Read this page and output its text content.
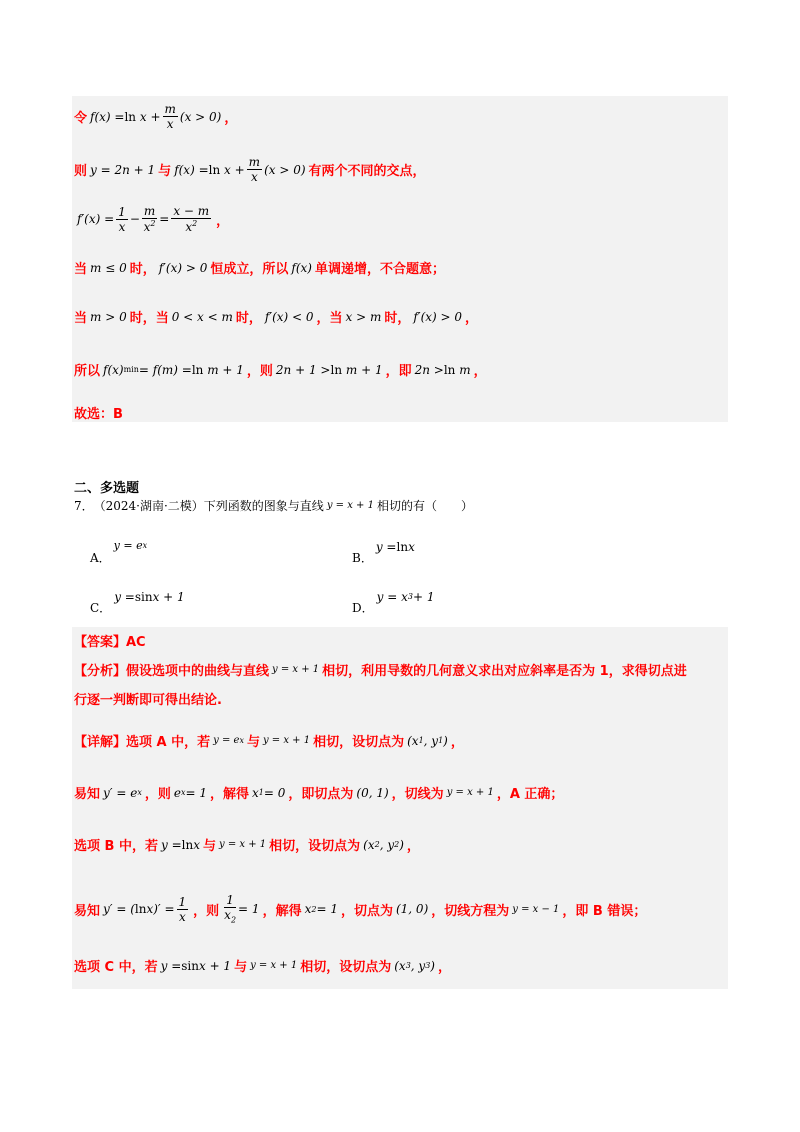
令 $f(x) = \ln x + \frac{m}{x} (x > 0)$ ，
则 y = 2n + 1 与 $f(x) = \ln x + \frac{m}{x} (x > 0)$ 有两个不同的交点，
$f'(x) = \frac{1}{x} - \frac{m}{x^2} = \frac{x - m}{x^2}$ ，
当 m ≤ 0 时， f′(x) > 0 恒成立，所以 f(x) 单调递增，不合题意；
当 m > 0 时，当 0 < x < m 时， f′(x) < 0 ，当 x > m 时， f′(x) > 0 ，
所以 f(x) min = f(m) = ln m + 1 ，则 2n + 1 > ln m + 1 ，即 2n > ln m ，
故选：B
二、多选题
7． （2024·湖南·二模）下列函数的图象与直线 y = x + 1 相切的有（　　）
A．
y = e x
B．
y = ln x
C．
y = sin x + 1
D．
y = x 3 + 1
【答案】AC
【分析】假设选项中的曲线与直线 y = x + 1 相切，利用导数的几何意义求出对应斜率是否为 1，求得切点进
行逐一判断即可得出结论.
【详解】选项 A 中，若 y = e x 与 y = x + 1 相切，设切点为 (x 1 , y 1 ) ，
易知 y′ = e x ，则 e x = 1 ，解得 x 1 = 0 ，即切点为 (0, 1) ，切线为 y = x + 1 ，A 正确；
选项 B 中，若 y = ln x 与 y = x + 1 相切，设切点为 (x 2 , y 2 ) ，
易知 y′ = ( $\ln x)' = \frac{1}{x}$ ，则 $\frac{1}{x_2} = 1$ ，解得 x 2 = 1 ，切点为 (1, 0) ，切线方程为 y = x − 1 ，即 B 错误；
选项 C 中，若 y = sin x + 1 与 y = x + 1 相切，设切点为 (x 3 , y 3 ) ，
